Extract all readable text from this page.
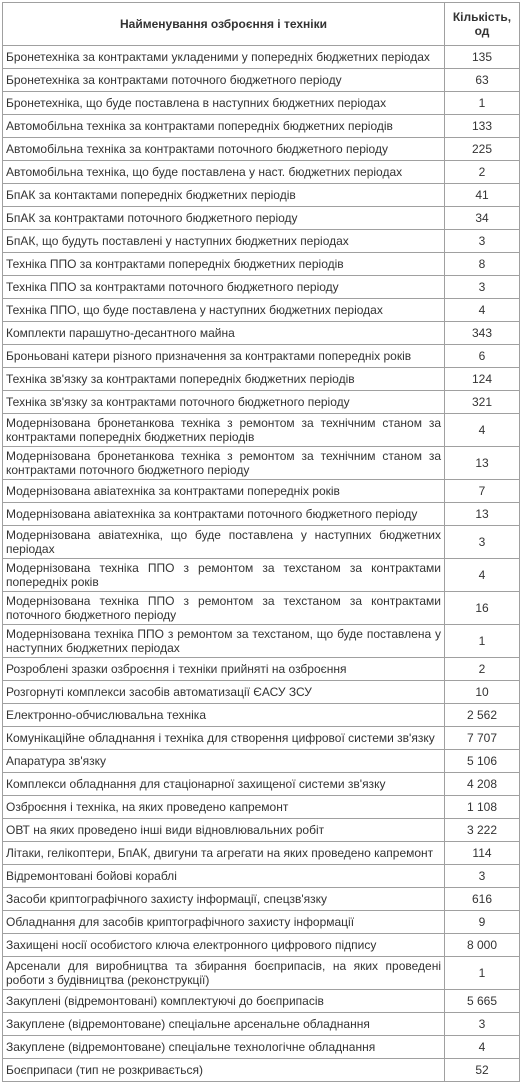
Найменування озброєння і техніки	Кількість, од
Бронетехніка за контрактами укладеними у попередніх бюджетних періодах	135
Бронетехніка за контрактами поточного бюджетного періоду	63
Бронетехніка, що буде поставлена в наступних бюджетних періодах	1
Автомобільна техніка за контрактами попередніх бюджетних періодів	133
Автомобільна техніка за контрактами поточного бюджетного періоду	225
Автомобільна техніка, що буде поставлена у наст. бюджетних періодах	2
БпАК за контактами попередніх бюджетних періодів	41
БпАК за контрактами поточного бюджетного періоду	34
БпАК, що будуть поставлені у наступних бюджетних періодах	3
Техніка ППО за контрактами попередніх бюджетних періодів	8
Техніка ППО за контрактами поточного бюджетного періоду	3
Техніка ППО, що буде поставлена у наступних бюджетних періодах	4
Комплекти парашутно-десантного майна	343
Броньовані катери різного призначення за контрактами попередніх років	6
Техніка зв'язку за контрактами попередніх бюджетних періодів	124
Техніка зв'язку за контрактами поточного бюджетного періоду	321
Модернізована бронетанкова техніка з ремонтом за технічним станом за контрактами попередніх бюджетних періодів	4
Модернізована бронетанкова техніка з ремонтом за технічним станом за контрактами поточного бюджетного періоду	13
Модернізована авіатехніка за контрактами попередніх років	7
Модернізована авіатехніка за контрактами поточного бюджетного періоду	13
Модернізована авіатехніка, що буде поставлена у наступних бюджетних періодах	3
Модернізована техніка ППО з ремонтом за техстаном за контрактами попередніх років	4
Модернізована техніка ППО з ремонтом за техстаном за контрактами поточного бюджетного періоду	16
Модернізована техніка ППО з ремонтом за техстаном, що буде поставлена у наступних бюджетних періодах	1
Розроблені зразки озброєння і техніки прийняті на озброєння	2
Розгорнуті комплекси засобів автоматизації ЄАСУ ЗСУ	10
Електронно-обчислювальна техніка	2 562
Комунікаційне обладнання і техніка для створення цифрової системи зв'язку	7 707
Апаратура зв'язку	5 106
Комплекси обладнання для стаціонарної захищеної системи зв'язку	4 208
Озброєння і техніка, на яких проведено капремонт	1 108
ОВТ на яких проведено інші види відновлювальних робіт	3 222
Літаки, гелікоптери, БпАК, двигуни та агрегати на яких проведено капремонт	114
Відремонтовані бойові кораблі	3
Засоби криптографічного захисту інформації, спецзв'язку	616
Обладнання для засобів криптографічного захисту інформації	9
Захищені носії особистого ключа електронного цифрового підпису	8 000
Арсенали для виробництва та збирання боєприпасів, на яких проведені роботи з будівництва (реконструкції)	1
Закуплені (відремонтовані) комплектуючі до боєприпасів	5 665
Закуплене (відремонтоване) спеціальне арсенальне обладнання	3
Закуплене (відремонтоване) спеціальне технологічне обладнання	4
Боєприпаси (тип не розкривається)	52
